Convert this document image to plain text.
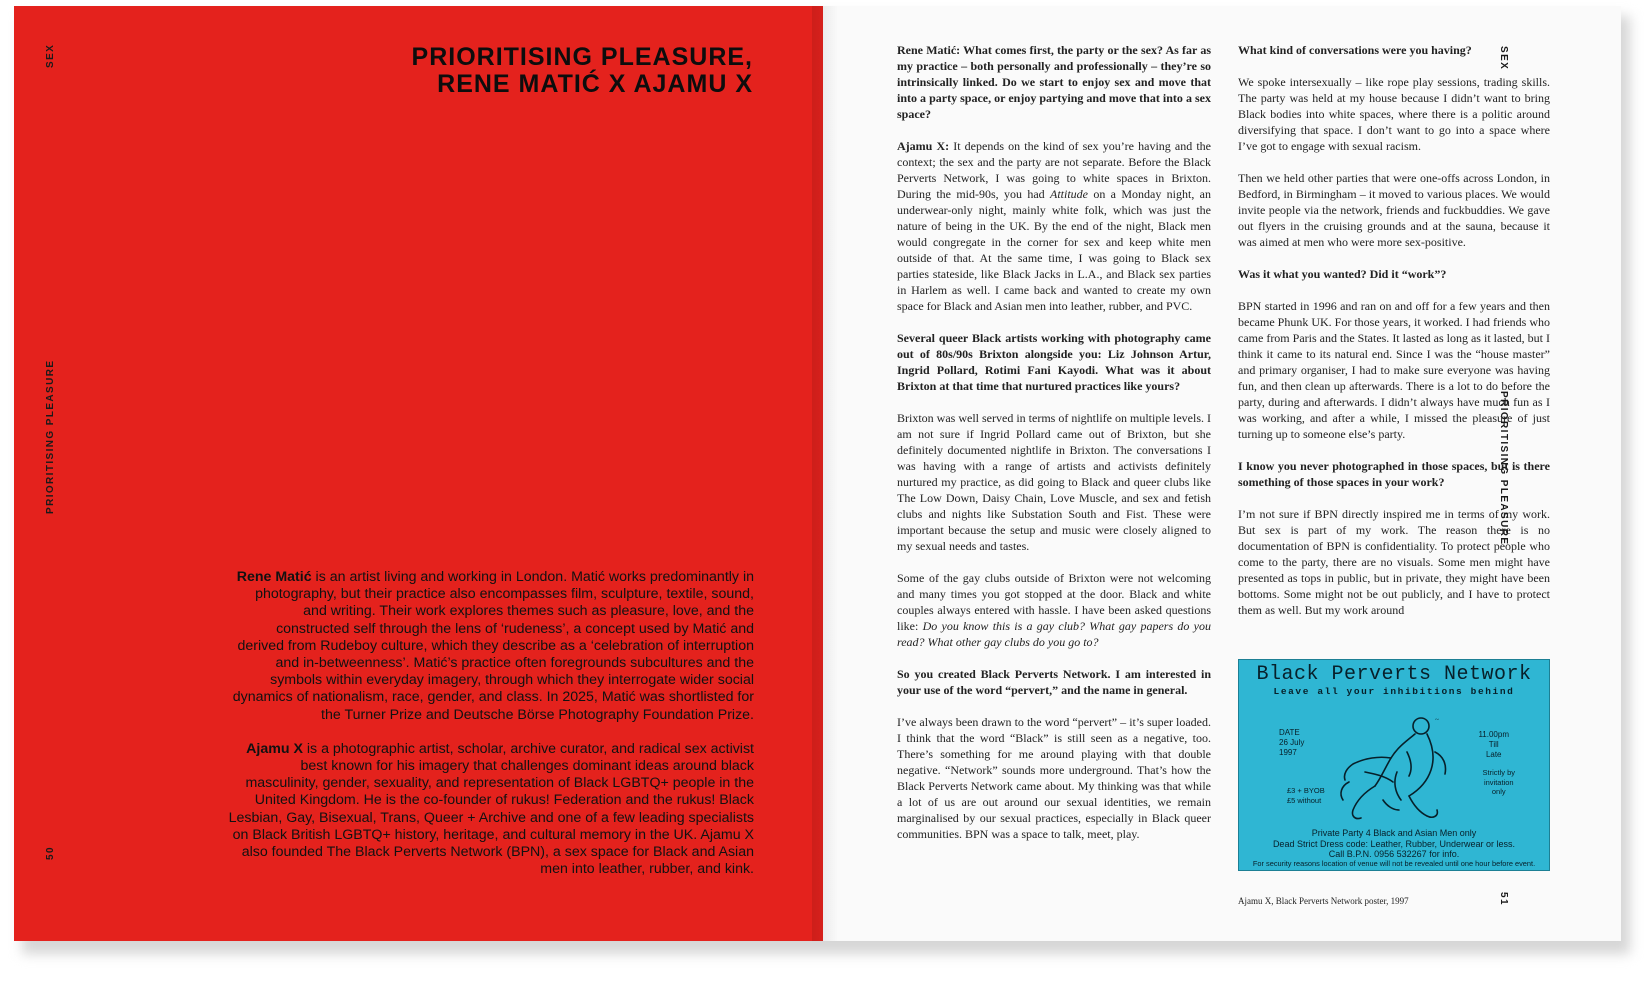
SEX
PRIORITISING PLEASURE
50
PRIORITISING PLEASURE,
RENE MATIĆ X AJAMU X

Rene Matić is an artist living and working in London. Matić works predominantly in photography, but their practice also encompasses film, sculpture, textile, sound, and writing. Their work explores themes such as pleasure, love, and the constructed self through the lens of ‘rudeness’, a concept used by Matić and derived from Rudeboy culture, which they describe as a ‘celebration of interruption and in-betweenness’. Matić’s practice often foregrounds subcultures and the symbols within everyday imagery, through which they interrogate wider social dynamics of nationalism, race, gender, and class. In 2025, Matić was shortlisted for the Turner Prize and Deutsche Börse Photography Foundation Prize.

Ajamu X is a photographic artist, scholar, archive curator, and radical sex activist best known for his imagery that challenges dominant ideas around black masculinity, gender, sexuality, and representation of Black LGBTQ+ people in the United Kingdom. He is the co-founder of rukus! Federation and the rukus! Black Lesbian, Gay, Bisexual, Trans, Queer + Archive and one of a few leading specialists on Black British LGBTQ+ history, heritage, and cultural memory in the UK. Ajamu X also founded The Black Perverts Network (BPN), a sex space for Black and Asian men into leather, rubber, and kink.

SEX
PRIORITISING PLEASURE
51

Rene Matić: What comes first, the party or the sex? As far as my practice – both personally and professionally – they’re so intrinsically linked. Do we start to enjoy sex and move that into a party space, or enjoy partying and move that into a sex space?

Ajamu X: It depends on the kind of sex you’re having and the context; the sex and the party are not separate. Before the Black Perverts Network, I was going to white spaces in Brixton. During the mid-90s, you had Attitude on a Monday night, an underwear-only night, mainly white folk, which was just the nature of being in the UK. By the end of the night, Black men would congregate in the corner for sex and keep white men outside of that. At the same time, I was going to Black sex parties stateside, like Black Jacks in L.A., and Black sex parties in Harlem as well. I came back and wanted to create my own space for Black and Asian men into leather, rubber, and PVC.

Several queer Black artists working with photography came out of 80s/90s Brixton alongside you: Liz Johnson Artur, Ingrid Pollard, Rotimi Fani Kayodi. What was it about Brixton at that time that nurtured practices like yours?

Brixton was well served in terms of nightlife on multiple levels. I am not sure if Ingrid Pollard came out of Brixton, but she definitely documented nightlife in Brixton. The conversations I was having with a range of artists and activists definitely nurtured my practice, as did going to Black and queer clubs like The Low Down, Daisy Chain, Love Muscle, and sex and fetish clubs and nights like Substation South and Fist. These were important because the setup and music were closely aligned to my sexual needs and tastes.

Some of the gay clubs outside of Brixton were not welcoming and many times you got stopped at the door. Black and white couples always entered with hassle. I have been asked questions like: Do you know this is a gay club? What gay papers do you read? What other gay clubs do you go to?

So you created Black Perverts Network. I am interested in your use of the word “pervert,” and the name in general.

I’ve always been drawn to the word “pervert” – it’s super loaded. I think that the word “Black” is still seen as a negative, too. There’s something for me around playing with that double negative. “Network” sounds more underground. That’s how the Black Perverts Network came about. My thinking was that while a lot of us are out around our sexual identities, we remain marginalised by our sexual practices, especially in Black queer communities. BPN was a space to talk, meet, play.

What kind of conversations were you having?

We spoke intersexually – like rope play sessions, trading skills. The party was held at my house because I didn’t want to bring Black bodies into white spaces, where there is a politic around diversifying that space. I don’t want to go into a space where I’ve got to engage with sexual racism.

Then we held other parties that were one-offs across London, in Bedford, in Birmingham – it moved to various places. We would invite people via the network, friends and fuckbuddies. We gave out flyers in the cruising grounds and at the sauna, because it was aimed at men who were more sex-positive.

Was it what you wanted? Did it “work”?

BPN started in 1996 and ran on and off for a few years and then became Phunk UK. For those years, it worked. I had friends who came from Paris and the States. It lasted as long as it lasted, but I think it came to its natural end. Since I was the “house master” and primary organiser, I had to make sure everyone was having fun, and then clean up afterwards. There is a lot to do before the party, during and afterwards. I didn’t always have much fun as I was working, and after a while, I missed the pleasure of just turning up to someone else’s party.

I know you never photographed in those spaces, but is there something of those spaces in your work?

I’m not sure if BPN directly inspired me in terms of my work. But sex is part of my work. The reason there is no documentation of BPN is confidentiality. To protect people who come to the party, there are no visuals. Some men might have presented as tops in public, but in private, they might have been bottoms. Some might not be out publicly, and I have to protect them as well. But my work around

Black Perverts Network
Leave all your inhibitions behind
DATE
26 July
1997
11.00pm
Till
Late
Strictly by
invitation
only
£3 + BYOB
£5 without
~
Private Party 4 Black and Asian Men only
Dead Strict Dress code: Leather, Rubber, Underwear or less.
Call B.P.N. 0956 532267 for info.
For security reasons location of venue will not be revealed until one hour before event.
Ajamu X, Black Perverts Network poster, 1997
